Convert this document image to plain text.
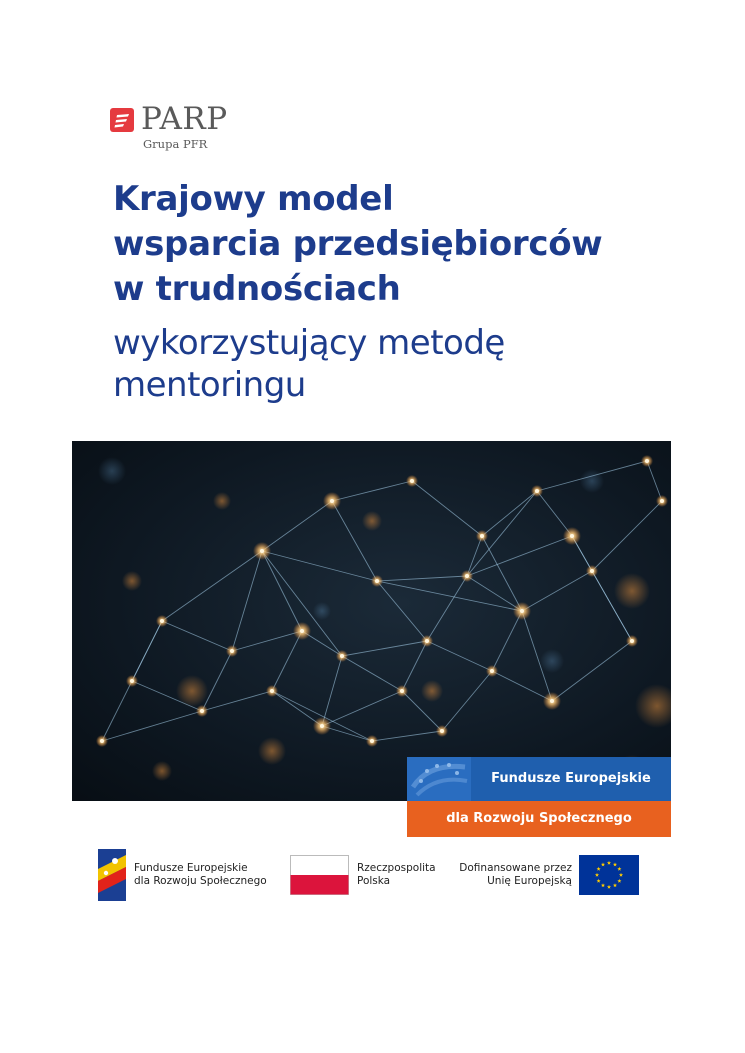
PARP
Grupa PFR
Krajowy model
wsparcia przedsiębiorców
w trudnościach
wykorzystujący metodę
mentoringu
Fundusze Europejskie
dla Rozwoju Społecznego
Fundusze Europejskie
dla Rozwoju Społecznego
Rzeczpospolita
Polska
Dofinansowane przez
Unię Europejską
